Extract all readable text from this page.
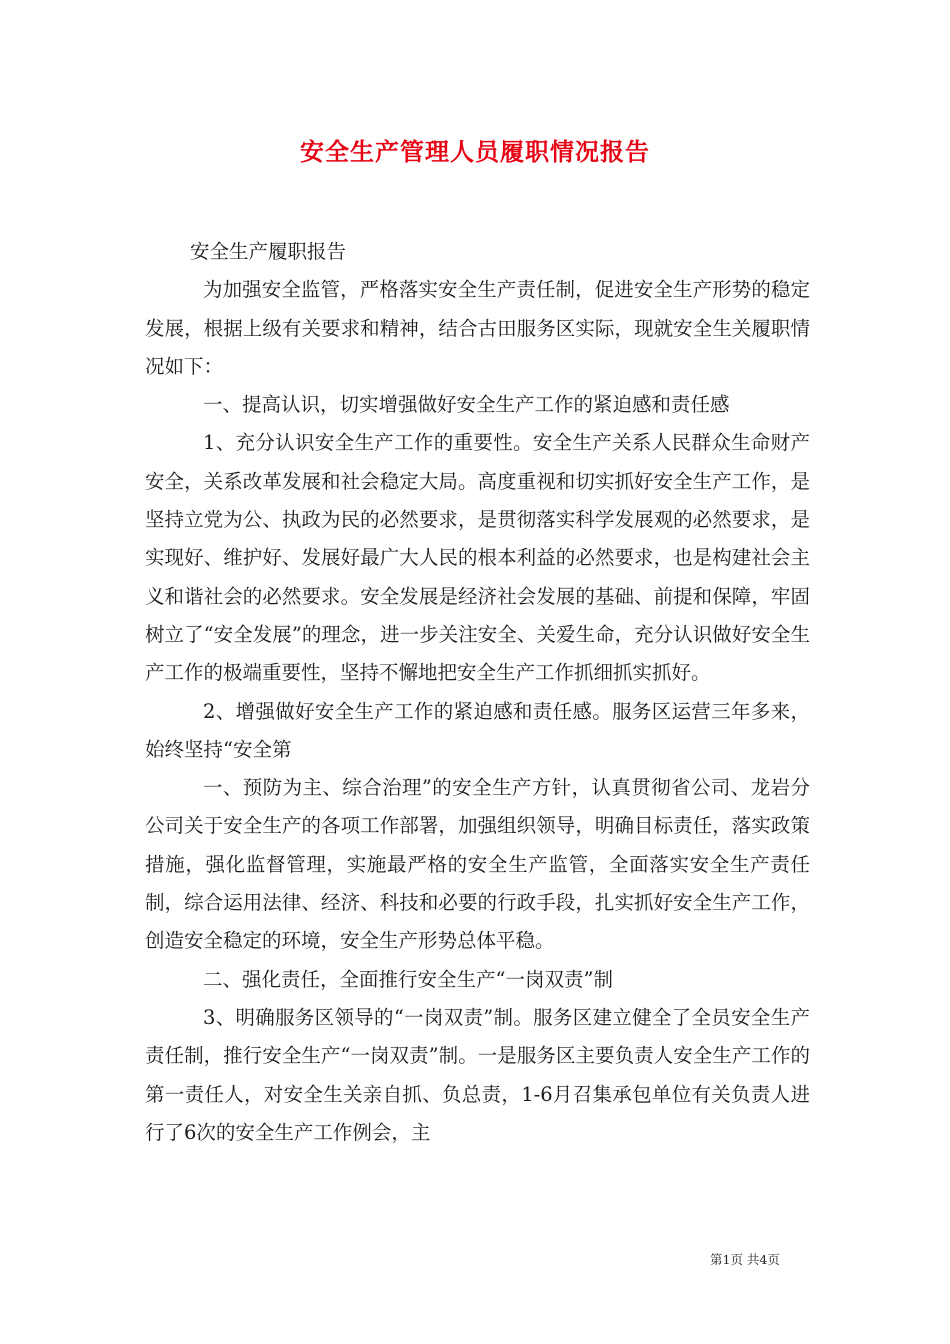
安全生产管理人员履职情况报告

安全生产履职报告

为加强安全监管，严格落实安全生产责任制，促进安全生产形势的稳定发展，根据上级有关要求和精神，结合古田服务区实际，现就安全生关履职情况如下：

一、提高认识，切实增强做好安全生产工作的紧迫感和责任感

1、充分认识安全生产工作的重要性。安全生产关系人民群众生命财产安全，关系改革发展和社会稳定大局。高度重视和切实抓好安全生产工作，是坚持立党为公、执政为民的必然要求，是贯彻落实科学发展观的必然要求，是实现好、维护好、发展好最广大人民的根本利益的必然要求，也是构建社会主义和谐社会的必然要求。安全发展是经济社会发展的基础、前提和保障，牢固树立了“安全发展”的理念，进一步关注安全、关爱生命，充分认识做好安全生产工作的极端重要性，坚持不懈地把安全生产工作抓细抓实抓好。

2、增强做好安全生产工作的紧迫感和责任感。服务区运营三年多来，始终坚持“安全第

一、预防为主、综合治理”的安全生产方针，认真贯彻省公司、龙岩分公司关于安全生产的各项工作部署，加强组织领导，明确目标责任，落实政策措施，强化监督管理，实施最严格的安全生产监管，全面落实安全生产责任制，综合运用法律、经济、科技和必要的行政手段，扎实抓好安全生产工作，创造安全稳定的环境，安全生产形势总体平稳。

二、强化责任，全面推行安全生产“一岗双责”制

3、明确服务区领导的“一岗双责”制。服务区建立健全了全员安全生产责任制，推行安全生产“一岗双责”制。一是服务区主要负责人安全生产工作的第一责任人，对安全生关亲自抓、负总责，1-6月召集承包单位有关负责人进行了6次的安全生产工作例会，主

第1页 共4页
